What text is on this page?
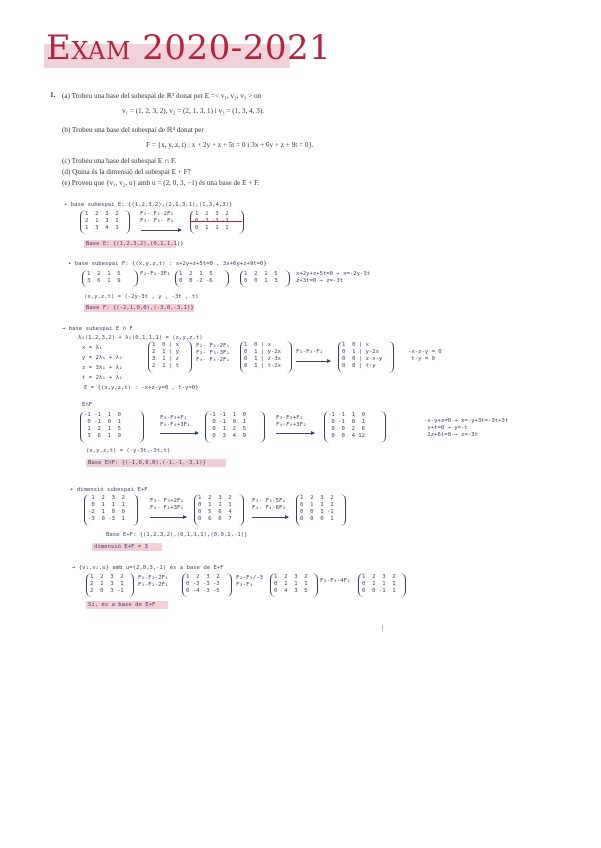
Exam 2020-2021
1. (a) Trobeu una base del subespai de ℝ³ donat per E =< v₁, v₂, v₃ > on
v₁ = (1, 2, 3, 2), v₂ = (2, 1, 3, 1) i v₃ = (1, 3, 4, 3).
(b) Trobeu una base del subespai de ℝ⁴ donat per
F = {x, y, z, t) : x + 2y + z + 5t = 0 i 3x + 6y + z + 9t = 0}.
(c) Trobeu una base del subespai E ∩ F.
(d) Quina és la dimensió del subespai E + F?
(e) Proveu que {v₁, v₂, u} amb u = (2, 0, 3, −1) és una base de E + F.
• base subespai E: {(1,2,3,2),(2,1,3,1),(1,3,4,3)}
1  2  3  2
2  1  3  1
1  3  4  3
F₂- F₂-2F₁
F₃- F₃- F₁
1  2  3  2
0 -3 -3 -3
0  1  1  1
Base E: {(1,2,3,2),(0,1,1,1)}
• base subespai F: {(x,y,z,t) : x+2y+z+5t=0 , 3x+6y+z+9t=0}
1  2  1  5
3  6  1  9
F₂-F₂-3F₁ 1  2  1  5
0  0 -2 -6
1  2  1  5
0  0  1  3
x+2y+z+5t=0 → x=-2y-3t
z+3t=0 → z=-3t
(x,y,z,t) = (-2y-3t , y , -3t , t)
Base F: {(-2,1,0,0),(-3,0,-3,1)}
→ base subespai E ∩ F
λ₁(1,2,3,2) + λ₂(0,1,1,1) = (x,y,z,t)
x = λ₁
y = 2λ₁ + λ₂
z = 3λ₁ + λ₂
t = 2λ₁ + λ₂
1  0 | x
2  1 | y
3  1 | z
2  1 | t
F₂- F₂-2F₁
F₃- F₃-3F₁
F₄- F₄-2F₁
1  0 | x
0  1 | y-2x
0  1 | z-3x
0  1 | t-2x
F₃-F₃-F₂
1  0 | x
0  1 | y-2x
0  0 | z-x-y
0  0 | t-y
-x-z-y = 0
t-y = 0
E = {(x,y,z,t) : -x+z-y=0 , t-y=0}
E∩F
-1 -1  1  0
0 -1  0  1
1  2  1  5
3  6  1  9
F₃-F₃+F₁
F₄-F₄+3F₁
-1 -1  1  0
0 -1  0  1
0  1  2  5
0  3  4  9
F₃-F₃+F₂
F₄-F₄+3F₂
-1 -1  1  0
0 -1  0  1
0  0  2  6
0  0  4 12
-x-y+z=0 → x=-y+3t=-3t+3t
y+t=0 → y=-t
2z+6t=0 → z=-3t
(x,y,z,t) = (-y-3t,-3t,t)
Base E∩F: {(-1,0,0,0),(-1,-1,-3,1)}
• dimensió subespai E+F
1  2  3  2
0  1  1  1
-2  1  0  0
-3  0 -3  1
F₃- F₃+2F₁
F₄- F₄+3F₁
1  2  3  2
0  1  1  1
0  5  6  4
0  6  6  7
F₃- F₃-5F₂
F₄- F₄-6F₂
1  2  3  2
0  1  1  1
0  0  1 -1
0  0  0  1
Base E+F: {(1,2,3,2),(0,1,1,1),(0,0,1,-1)}
dimensió E+F = 3
→ {v₁,v₂,u} amb u=(2,0,3,-1) és a base de E+F
1  2  3  2
2  1  3  1
2  0  3 -1
F₂-F₂-2F₁
F₃-F₃-2F₁
1  2  3  2
0 -3 -3 -3
0 -4 -3 -5
F₂-F₂/-3
F₃-F₃
1  2  3  2
0  1  1  1
0  4  3  5
F₃-F₃-4F₂
1  2  3  2
0  1  1  1
0  0 -1  1
Sí, és a base de E+F
